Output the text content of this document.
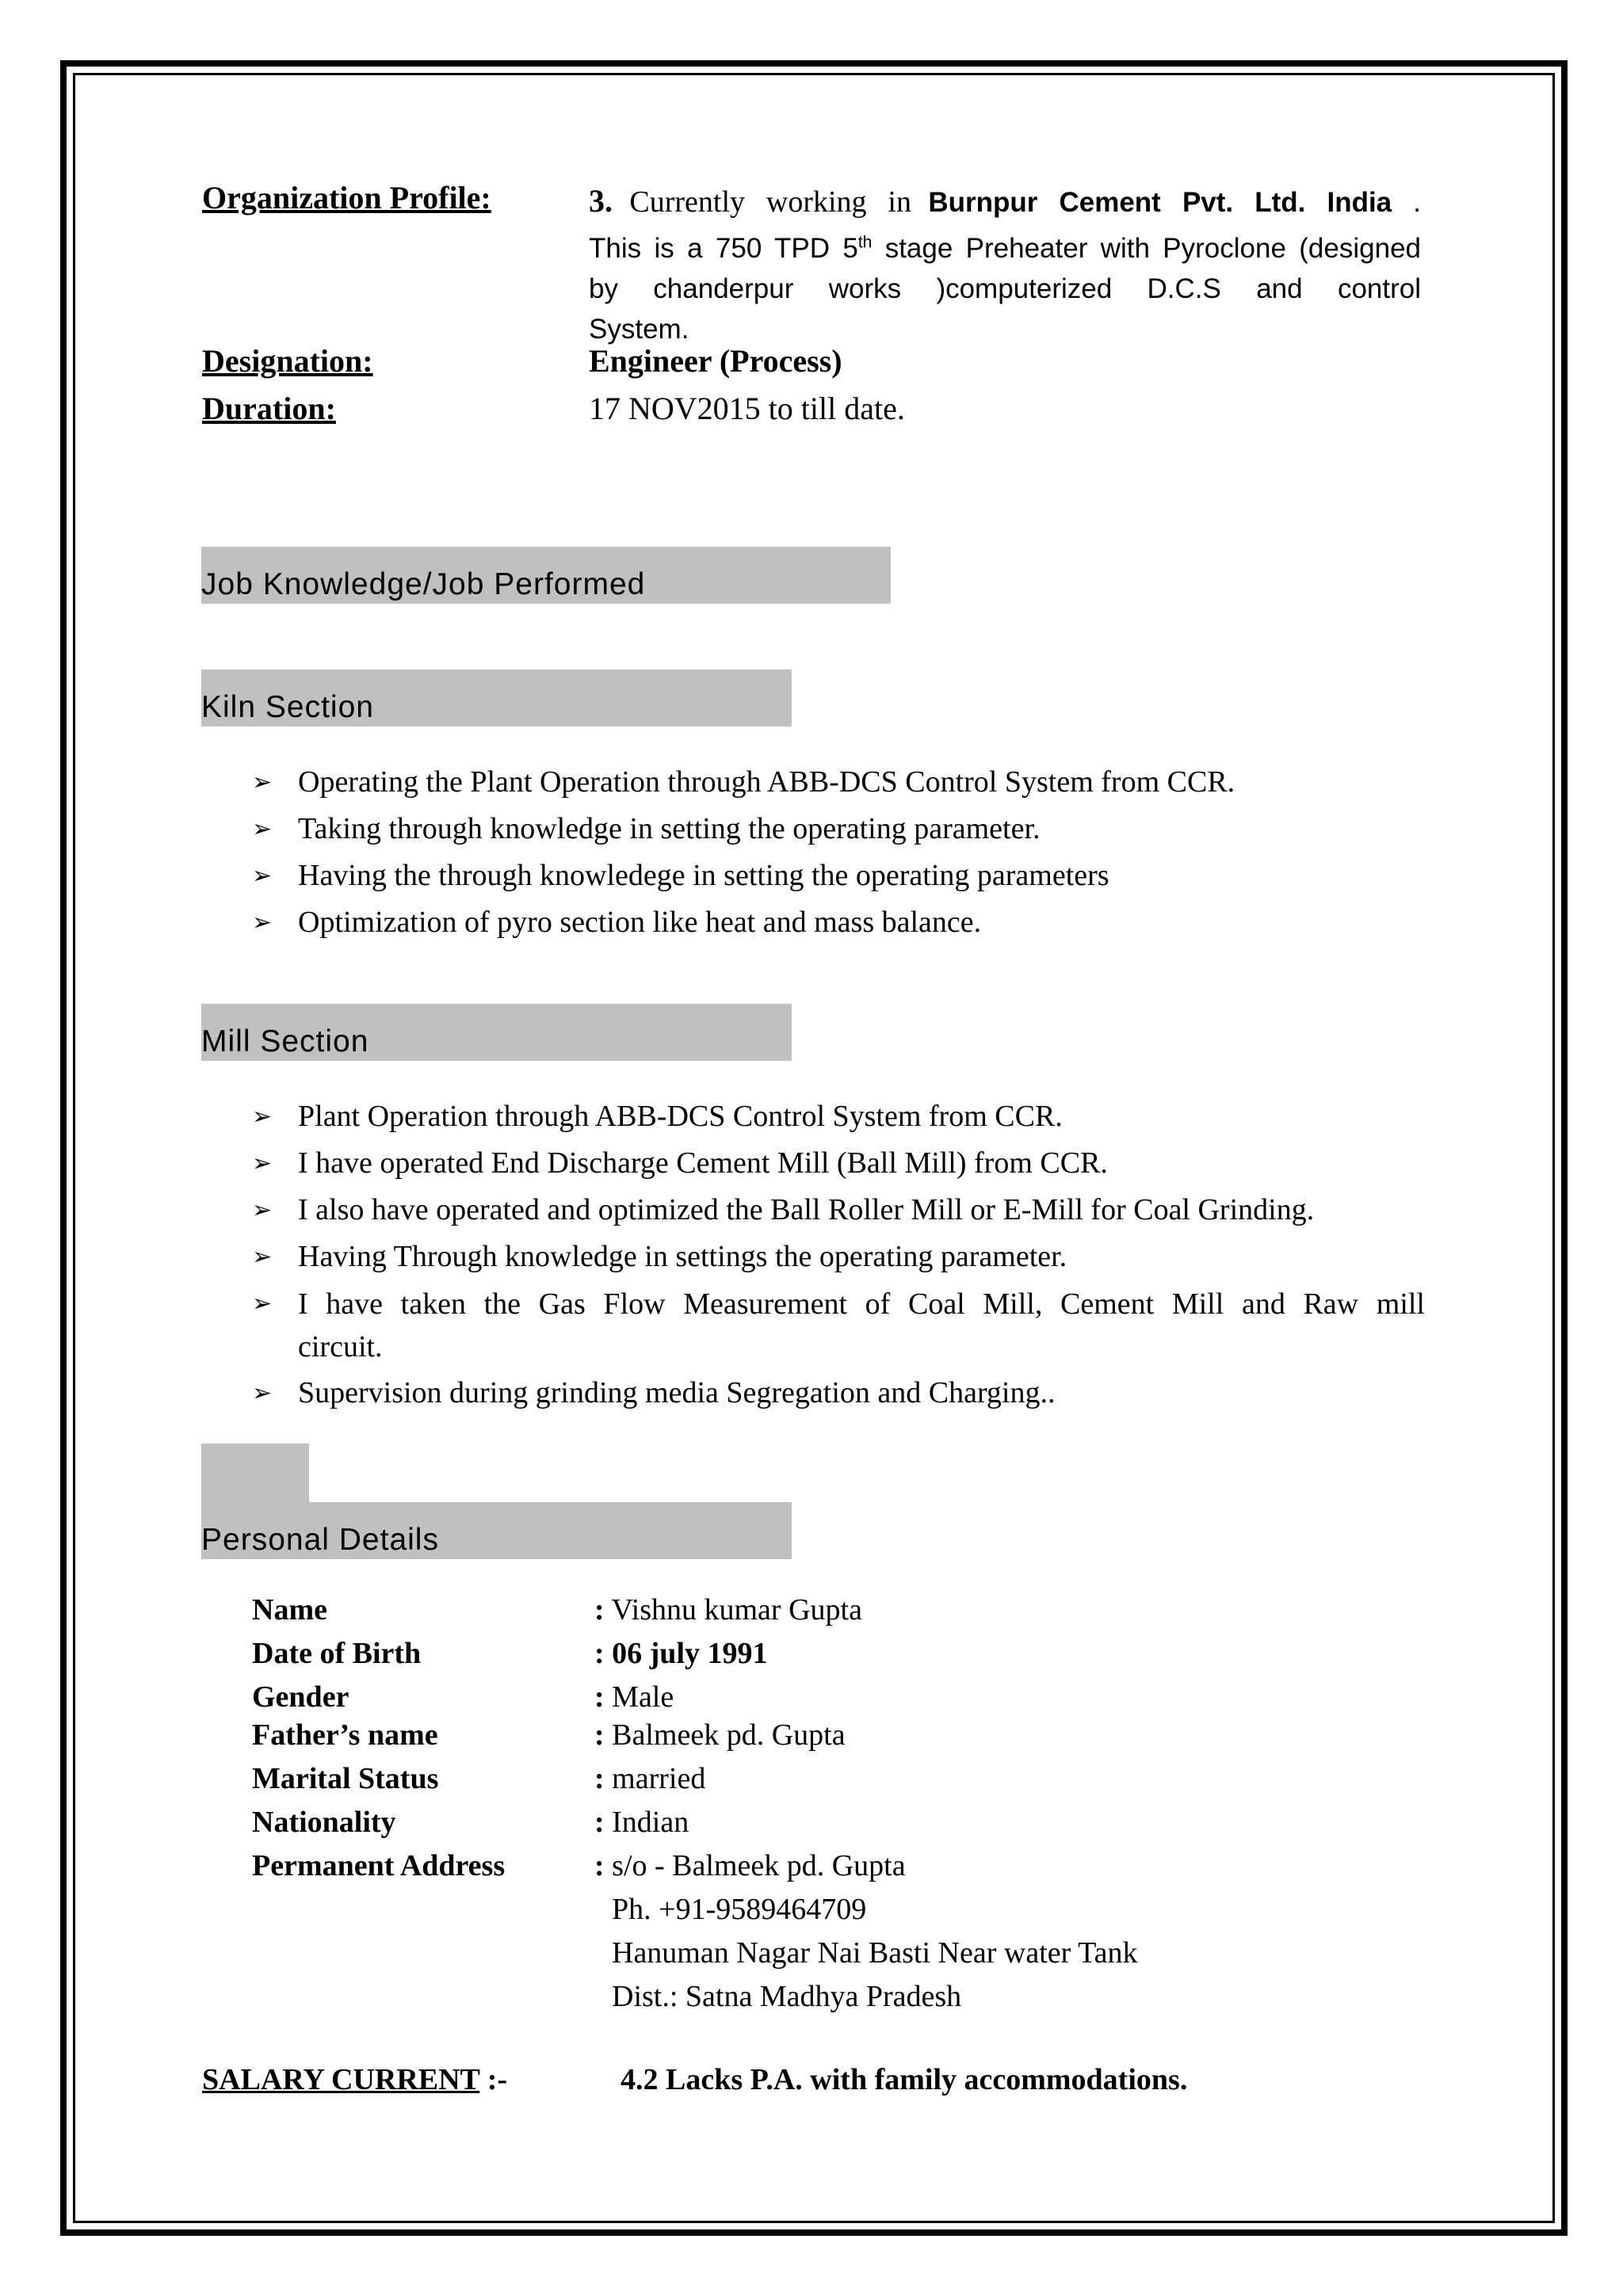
Organization Profile:	3. Currently working in Burnpur Cement Pvt. Ltd. India .
This is a 750 TPD 5th stage Preheater with Pyroclone (designed
by chanderpur works )computerized D.C.S and control
System.
Designation:	Engineer (Process)
Duration:	17 NOV2015 to till date.
Job Knowledge/Job Performed
Kiln Section
➢ Operating the Plant Operation through ABB-DCS Control System from CCR.
➢ Taking through knowledge in setting the operating parameter.
➢ Having the through knowledegе in setting the operating parameters
➢ Optimization of pyro section like heat and mass balance.
Mill Section
➢ Plant Operation through ABB-DCS Control System from CCR.
➢ I have operated End Discharge Cement Mill (Ball Mill) from CCR.
➢ I also have operated and optimized the Ball Roller Mill or E-Mill for Coal Grinding.
➢ Having Through knowledge in settings the operating parameter.
➢ I have taken the Gas Flow Measurement of Coal Mill, Cement Mill and Raw mill
circuit.
➢ Supervision during grinding media Segregation and Charging..
Personal Details
Name	: Vishnu kumar Gupta
Date of Birth	: 06 july 1991
Gender	: Male
Father’s name	: Balmeek pd. Gupta
Marital Status	: married
Nationality	: Indian
Permanent Address	: s/o - Balmeek pd. Gupta
Ph. +91-9589464709
Hanuman Nagar Nai Basti Near water Tank
Dist.: Satna Madhya Pradesh
SALARY CURRENT :-	4.2 Lacks P.A. with family accommodations.
